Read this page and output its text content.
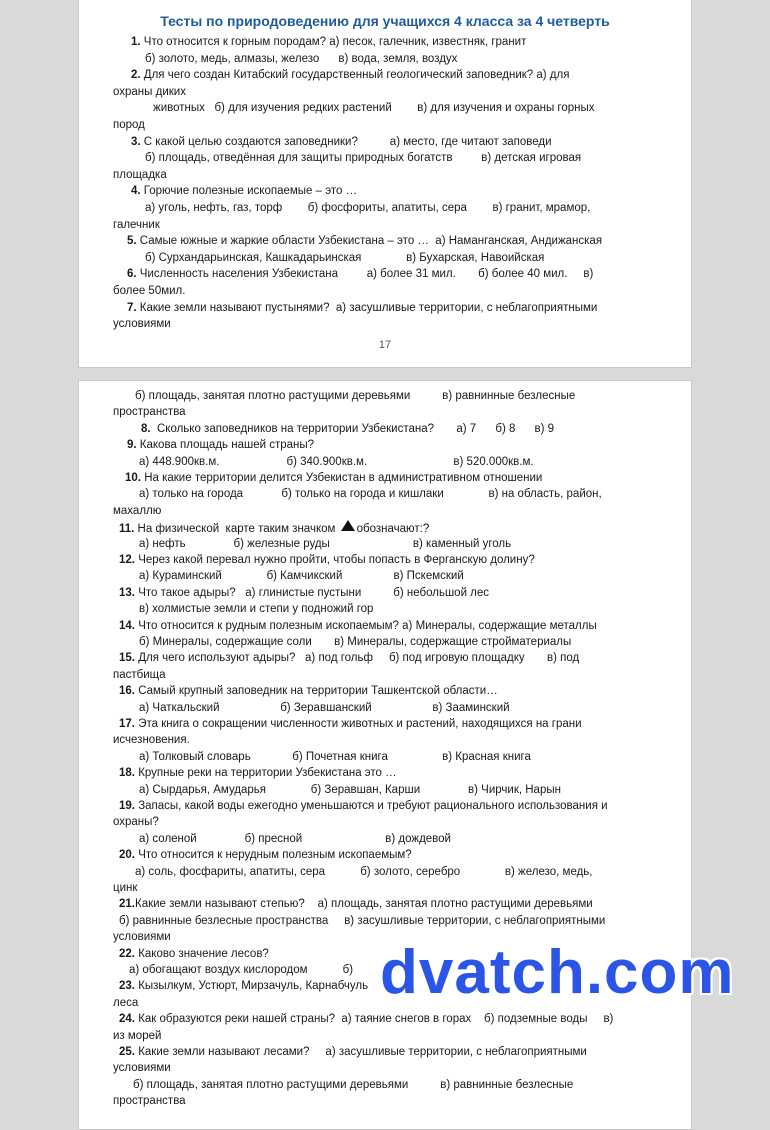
Тесты по природоведению для учащихся 4 класса за 4 четверть
1. Что относится к горным породам? а) песок, галечник, известняк, гранит
б) золото, медь, алмазы, железо      в) вода, земля, воздух
2. Для чего создан Китабский государственный геологический заповедник? а) для
охраны диких
животных   б) для изучения редких растений        в) для изучения и охраны горных
пород
3. С какой целью создаются заповедники?          а) место, где читают заповеди
б) площадь, отведённая для защиты природных богатств         в) детская игровая
площадка
4. Горючие полезные ископаемые – это …
а) уголь, нефть, газ, торф        б) фосфориты, апатиты, сера        в) гранит, мрамор,
галечник
5. Самые южные и жаркие области Узбекистана – это …  а) Наманганская, Андижанская
б) Сурхандарьинская, Кашкадарьинская              в) Бухарская, Навоийская
6. Численность населения Узбекистана         а) более 31 мил.       б) более 40 мил.     в)
более 50мил.
7. Какие земли называют пустынями?  а) засушливые территории, с неблагоприятными
условиями
17
б) площадь, занятая плотно растущими деревьями          в) равнинные безлесные
пространства
8.  Сколько заповедников на территории Узбекистана?       а) 7      б) 8      в) 9
9. Какова площадь нашей страны?
а) 448.900кв.м.                     б) 340.900кв.м.                           в) 520.000кв.м.
10. На какие территории делится Узбекистан в административном отношении
а) только на города            б) только на города и кишлаки              в) на область, район,
махаллю
11. На физической  карте таким значком обозначают:?
а) нефть               б) железные руды                          в) каменный уголь
12. Через какой перевал нужно пройти, чтобы попасть в Ферганскую долину?
а) Кураминский              б) Камчикский                в) Пскемский
13. Что такое адыры?   а) глинистые пустыни          б) небольшой лес
в) холмистые земли и степи у подножий гор
14. Что относится к рудным полезным ископаемым? а) Минералы, содержащие металлы
б) Минералы, содержащие соли       в) Минералы, содержащие стройматериалы
15. Для чего используют адыры?   а) под гольф     б) под игровую площадку       в) под
пастбища
16. Самый крупный заповедник на территории Ташкентской области…
а) Чаткальский                   б) Зеравшанский                   в) Зааминский
17. Эта книга о сокращении численности животных и растений, находящихся на грани
исчезновения.
а) Толковый словарь             б) Почетная книга                 в) Красная книга
18. Крупные реки на территории Узбекистана это …
а) Сырдарья, Амударья              б) Зеравшан, Карши               в) Чирчик, Нарын
19. Запасы, какой воды ежегодно уменьшаются и требуют рационального использования и
охраны?
а) соленой               б) пресной                          в) дождевой
20. Что относится к нерудным полезным ископаемым?
а) соль, фосфариты, апатиты, сера           б) золото, серебро              в) железо, медь,
цинк
21.Какие земли называют степью?    а) площадь, занятая плотно растущими деревьями
б) равнинные безлесные пространства     в) засушливые территории, с неблагоприятными
условиями
22. Каково значение лесов?
а) обогащают воздух кислородом           б)
23. Кызылкум, Устюрт, Мирзачуль, Карнабчуль
леса
24. Как образуются реки нашей страны?  а) таяние снегов в горах    б) подземные воды     в)
из морей
25. Какие земли называют лесами?     а) засушливые территории, с неблагоприятными
условиями
б) площадь, занятая плотно растущими деревьями          в) равнинные безлесные
пространства
dvatch.com
